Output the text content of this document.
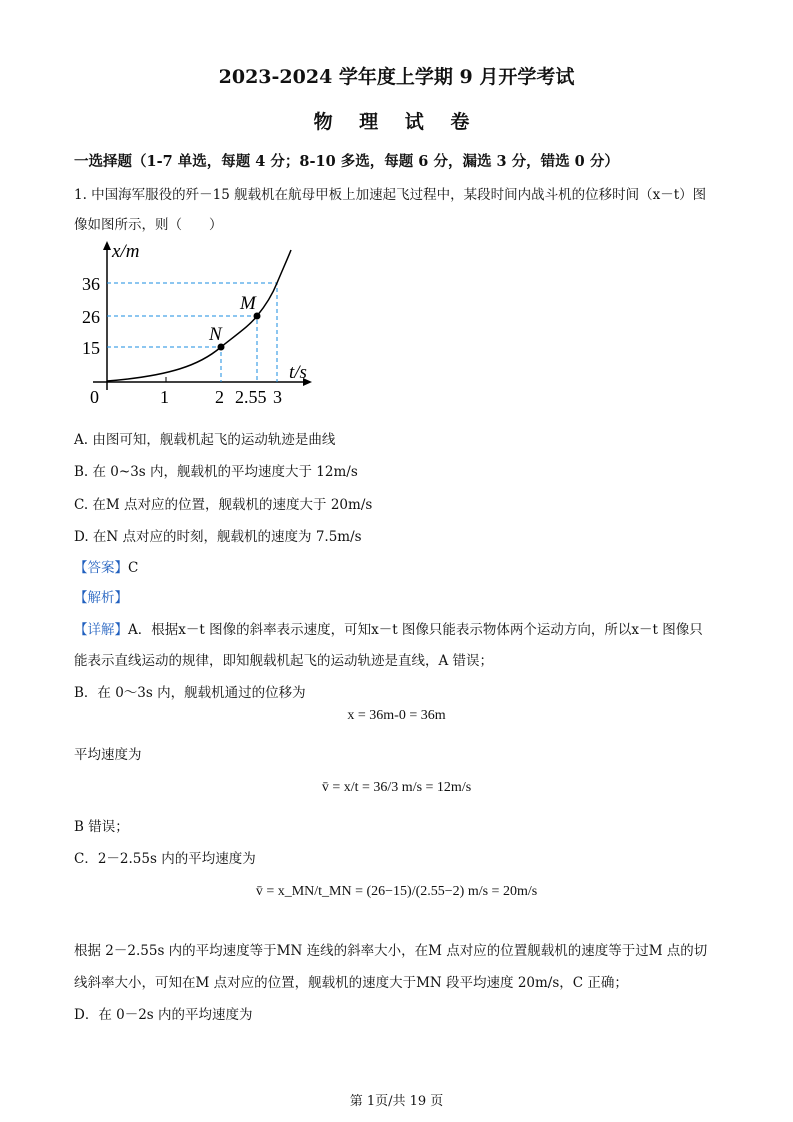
2023-2024 学年度上学期 9 月开学考试
物 理 试 卷
一选择题（1-7 单选，每题 4 分；8-10 多选，每题 6 分，漏选 3 分，错选 0 分）
1. 中国海军服役的歼－15 舰载机在航母甲板上加速起飞过程中，某段时间内战斗机的位移时间（x－t）图
像如图所示，则（　　）
x/m
t/s
36
26
15
0	1	2 2.55 3
M
N
A. 由图可知，舰载机起飞的运动轨迹是曲线
B. 在 0~3s 内，舰载机的平均速度大于 12m/s
C. 在M 点对应的位置，舰载机的速度大于 20m/s
D. 在N 点对应的时刻，舰载机的速度为 7.5m/s
【答案】C
【解析】
【详解】A．根据x－t 图像的斜率表示速度，可知x－t 图像只能表示物体两个运动方向，所以x－t 图像只
能表示直线运动的规律，即知舰载机起飞的运动轨迹是直线，A 错误；
B．在 0～3s 内，舰载机通过的位移为
x = 36m-0 = 36m
平均速度为
v̄ = x/t = 36/3 m/s = 12m/s
B 错误；
C．2－2.55s 内的平均速度为
v̄ = x_MN/t_MN = (26−15)/(2.55−2) m/s = 20m/s
根据 2－2.55s 内的平均速度等于MN 连线的斜率大小，在M 点对应的位置舰载机的速度等于过M 点的切
线斜率大小，可知在M 点对应的位置，舰载机的速度大于MN 段平均速度 20m/s，C 正确；
D．在 0－2s 内的平均速度为
第 1页/共 19 页
